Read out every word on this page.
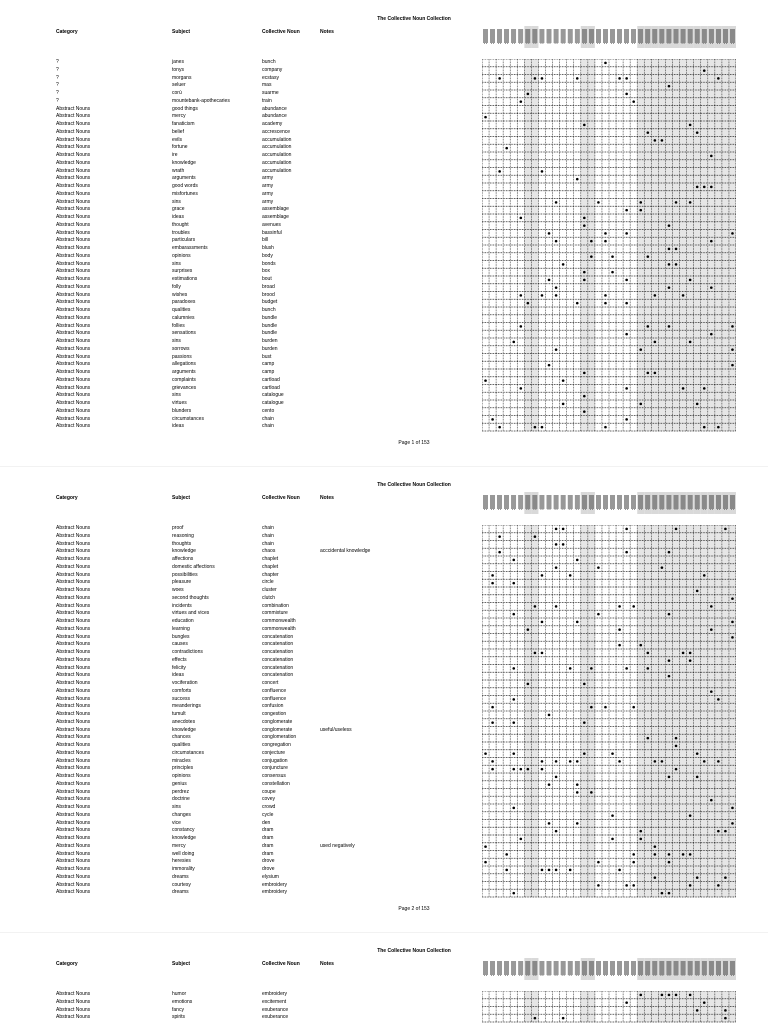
The Collective Noun Collection
Category	Subject	Collective Noun	Notes
?	janes	bunch
?	tonys	company
?	morgans	ecstasy
?	seluer	mas
?	corù	suarme
?	mountebank-apothecaries	train
Abstract Nouns	good things	abundance
Abstract Nouns	mercy	abundance
Abstract Nouns	fanaticism	academy
Abstract Nouns	belief	accrescence
Abstract Nouns	evils	accumulation
Abstract Nouns	fortune	accumulation
Abstract Nouns	ire	accumulation
Abstract Nouns	knowledge	accumulation
Abstract Nouns	wrath	accumulation
Abstract Nouns	arguments	army
Abstract Nouns	good words	army
Abstract Nouns	misfortunes	army
Abstract Nouns	sins	army
Abstract Nouns	grace	assemblage
Abstract Nouns	ideas	assemblage
Abstract Nouns	thought	avenues
Abstract Nouns	troubles	bassinful
Abstract Nouns	particulars	bill
Abstract Nouns	embarassments	blush
Abstract Nouns	opinions	body
Abstract Nouns	sins	bonds
Abstract Nouns	surprises	box
Abstract Nouns	estimations	bout
Abstract Nouns	folly	broad
Abstract Nouns	wishes	brood
Abstract Nouns	paradoxes	budget
Abstract Nouns	qualities	bunch
Abstract Nouns	calumnies	bundle
Abstract Nouns	follies	bundle
Abstract Nouns	sensations	bundle
Abstract Nouns	sins	burden
Abstract Nouns	sorrows	burden
Abstract Nouns	passions	bust
Abstract Nouns	allegations	camp
Abstract Nouns	arguments	camp
Abstract Nouns	complaints	cartload
Abstract Nouns	grievances	cartload
Abstract Nouns	sins	catalogue
Abstract Nouns	virtues	catalogue
Abstract Nouns	blunders	cento
Abstract Nouns	circumstances	chain
Abstract Nouns	ideas	chain
Page 1 of 153
The Collective Noun Collection
Category	Subject	Collective Noun	Notes
Abstract Nouns	proof	chain
Abstract Nouns	reasoning	chain
Abstract Nouns	thoughts	chain
Abstract Nouns	knowledge	chaos	acccidental knowledge
Abstract Nouns	affections	chaplet
Abstract Nouns	domestic affections	chaplet
Abstract Nouns	possibilities	chapter
Abstract Nouns	pleasure	circle
Abstract Nouns	woes	cluster
Abstract Nouns	second thoughts	clutch
Abstract Nouns	incidents	combination
Abstract Nouns	virtues and vices	commixture
Abstract Nouns	education	commonwealth
Abstract Nouns	learning	commonwealth
Abstract Nouns	bungles	concatenation
Abstract Nouns	causes	concatenation
Abstract Nouns	contradictions	concatenation
Abstract Nouns	effects	concatenation
Abstract Nouns	felicity	concatenation
Abstract Nouns	ideas	concatenation
Abstract Nouns	vociferation	concert
Abstract Nouns	comforts	confluence
Abstract Nouns	success	confluence
Abstract Nouns	meanderings	confusion
Abstract Nouns	tumult	congestion
Abstract Nouns	anecdotes	conglomerate
Abstract Nouns	knowledge	conglomerate	useful/useless
Abstract Nouns	chances	conglomeration
Abstract Nouns	qualities	congregation
Abstract Nouns	circumstances	conjecture
Abstract Nouns	miracles	conjugation
Abstract Nouns	principles	conjuncture
Abstract Nouns	opinions	consensus
Abstract Nouns	genius	constellation
Abstract Nouns	perdrez	coupe
Abstract Nouns	doctrine	covey
Abstract Nouns	sins	crowd
Abstract Nouns	changes	cycle
Abstract Nouns	vice	den
Abstract Nouns	constancy	dram
Abstract Nouns	knowledge	dram
Abstract Nouns	mercy	dram	used negatively
Abstract Nouns	well doing	dram
Abstract Nouns	heresies	drove
Abstract Nouns	immorality	drove
Abstract Nouns	dreams	elysium
Abstract Nouns	courtesy	embroidery
Abstract Nouns	dreams	embroidery
Page 2 of 153
The Collective Noun Collection
Category	Subject	Collective Noun	Notes
Abstract Nouns	humor	embroidery
Abstract Nouns	emotions	excitement
Abstract Nouns	fancy	exuberance
Abstract Nouns	spirits	exuberance
